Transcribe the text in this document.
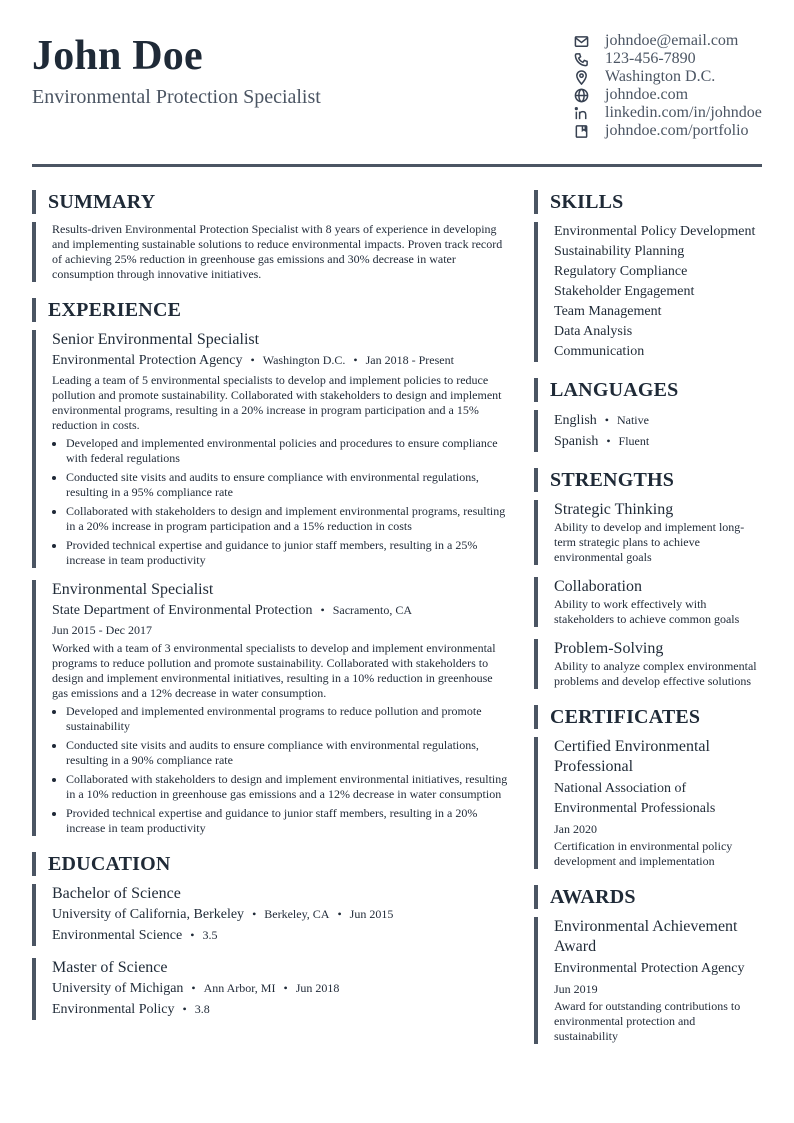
John Doe
Environmental Protection Specialist
johndoe@email.com
123-456-7890
Washington D.C.
johndoe.com
linkedin.com/in/johndoe
johndoe.com/portfolio
SUMMARY
Results-driven Environmental Protection Specialist with 8 years of experience in developing and implementing sustainable solutions to reduce environmental impacts. Proven track record of achieving 25% reduction in greenhouse gas emissions and 30% decrease in water consumption through innovative initiatives.
EXPERIENCE
Senior Environmental Specialist
Environmental Protection Agency • Washington D.C. • Jan 2018 - Present
Leading a team of 5 environmental specialists to develop and implement policies to reduce pollution and promote sustainability. Collaborated with stakeholders to design and implement environmental programs, resulting in a 20% increase in program participation and a 15% reduction in costs.
• Developed and implemented environmental policies and procedures to ensure compliance with federal regulations
• Conducted site visits and audits to ensure compliance with environmental regulations, resulting in a 95% compliance rate
• Collaborated with stakeholders to design and implement environmental programs, resulting in a 20% increase in program participation and a 15% reduction in costs
• Provided technical expertise and guidance to junior staff members, resulting in a 25% increase in team productivity
Environmental Specialist
State Department of Environmental Protection • Sacramento, CA
Jun 2015 - Dec 2017
Worked with a team of 3 environmental specialists to develop and implement environmental programs to reduce pollution and promote sustainability. Collaborated with stakeholders to design and implement environmental initiatives, resulting in a 10% reduction in greenhouse gas emissions and a 12% decrease in water consumption.
• Developed and implemented environmental programs to reduce pollution and promote sustainability
• Conducted site visits and audits to ensure compliance with environmental regulations, resulting in a 90% compliance rate
• Collaborated with stakeholders to design and implement environmental initiatives, resulting in a 10% reduction in greenhouse gas emissions and a 12% decrease in water consumption
• Provided technical expertise and guidance to junior staff members, resulting in a 20% increase in team productivity
EDUCATION
Bachelor of Science
University of California, Berkeley • Berkeley, CA • Jun 2015
Environmental Science • 3.5
Master of Science
University of Michigan • Ann Arbor, MI • Jun 2018
Environmental Policy • 3.8
SKILLS
Environmental Policy Development
Sustainability Planning
Regulatory Compliance
Stakeholder Engagement
Team Management
Data Analysis
Communication
LANGUAGES
English • Native
Spanish • Fluent
STRENGTHS
Strategic Thinking
Ability to develop and implement long-term strategic plans to achieve environmental goals
Collaboration
Ability to work effectively with stakeholders to achieve common goals
Problem-Solving
Ability to analyze complex environmental problems and develop effective solutions
CERTIFICATES
Certified Environmental Professional
National Association of Environmental Professionals
Jan 2020
Certification in environmental policy development and implementation
AWARDS
Environmental Achievement Award
Environmental Protection Agency
Jun 2019
Award for outstanding contributions to environmental protection and sustainability
